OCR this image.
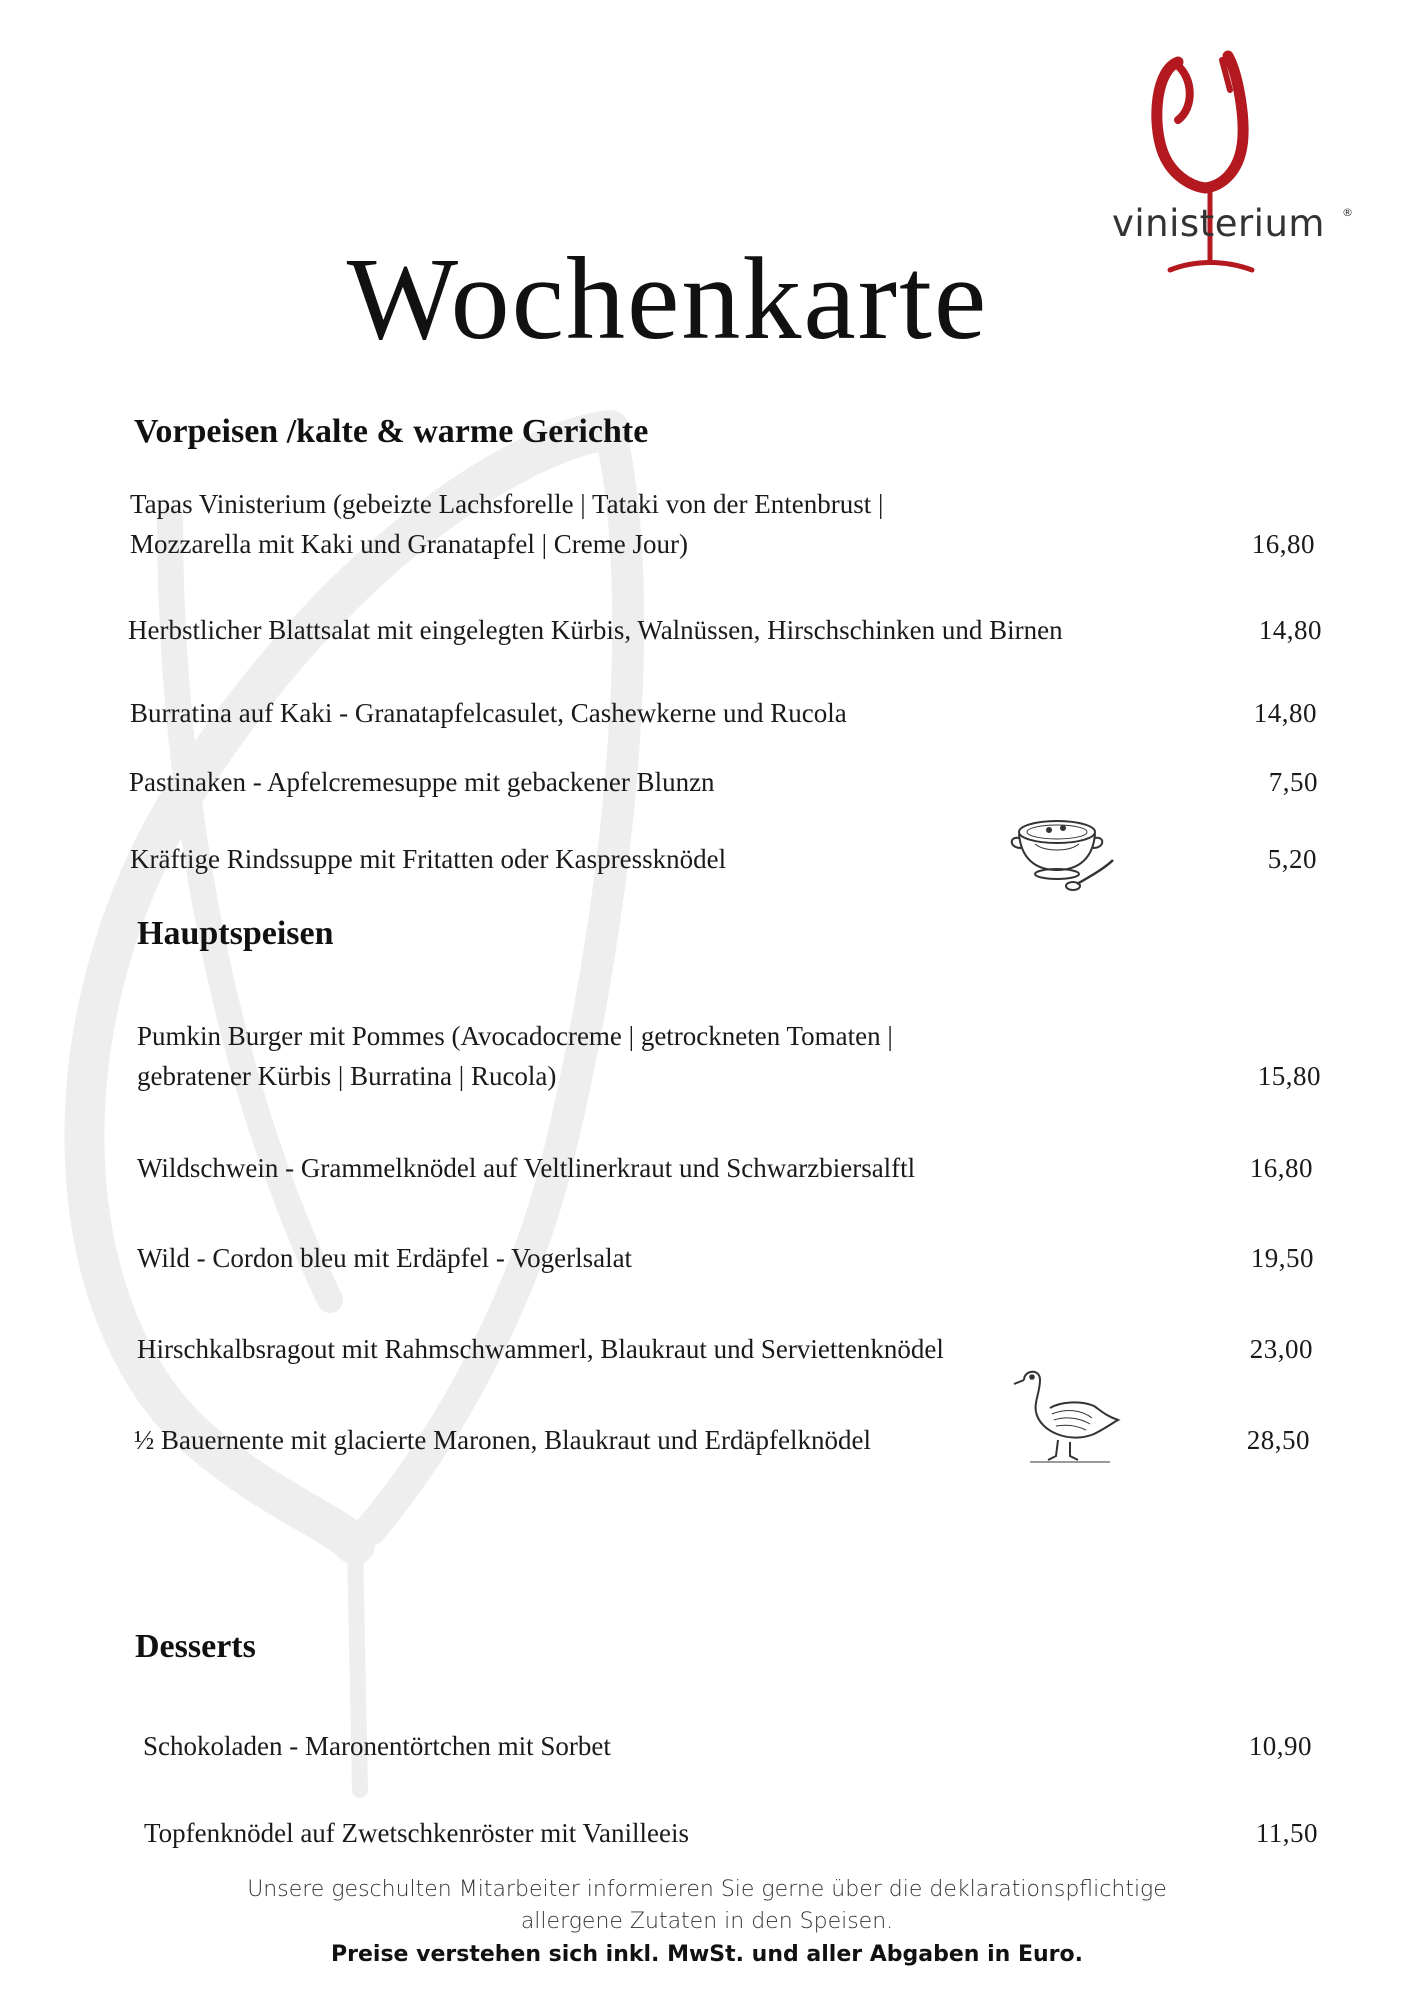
vinisterium ®
Wochenkarte
Vorpeisen /kalte & warme Gerichte
Tapas Vinisterium (gebeizte Lachsforelle | Tataki von der Entenbrust |
Mozzarella mit Kaki und Granatapfel | Creme Jour)	16,80
Herbstlicher Blattsalat mit eingelegten Kürbis, Walnüssen, Hirschschinken und Birnen	14,80
Burratina auf Kaki - Granatapfelcasulet, Cashewkerne und Rucola	14,80
Pastinaken - Apfelcremesuppe mit gebackener Blunzn	7,50
Kräftige Rindssuppe mit Fritatten oder Kaspressknödel	5,20
Hauptspeisen
Pumkin Burger mit Pommes (Avocadocreme | getrockneten Tomaten |
gebratener Kürbis | Burratina | Rucola)	15,80
Wildschwein - Grammelknödel auf Veltlinerkraut und Schwarzbiersalftl	16,80
Wild - Cordon bleu mit Erdäpfel - Vogerlsalat	19,50
Hirschkalbsragout mit Rahmschwammerl, Blaukraut und Serviettenknödel	23,00
½ Bauernente mit glacierte Maronen, Blaukraut und Erdäpfelknödel	28,50
Desserts
Schokoladen - Maronentörtchen mit Sorbet	10,90
Topfenknödel auf Zwetschkenröster mit Vanilleeis	11,50
Unsere geschulten Mitarbeiter informieren Sie gerne über die deklarationspflichtige
allergene Zutaten in den Speisen.
Preise verstehen sich inkl. MwSt. und aller Abgaben in Euro.
